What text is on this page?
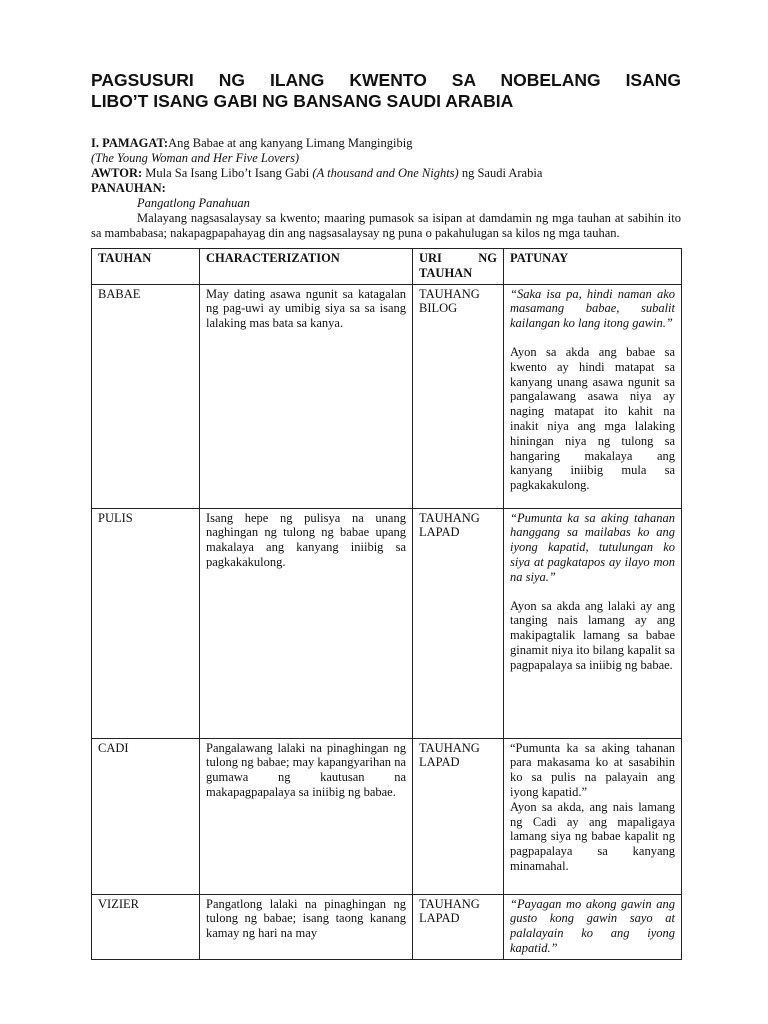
PAGSUSURI NG ILANG KWENTO SA NOBELANG ISANG
LIBO’T ISANG GABI NG BANSANG SAUDI ARABIA
I. PAMAGAT:Ang Babae at ang kanyang Limang Mangingibig
(The Young Woman and Her Five Lovers)
AWTOR: Mula Sa Isang Libo’t Isang Gabi (A thousand and One Nights) ng Saudi Arabia
PANAUHAN:
Pangatlong Panahuan
Malayang nagsasalaysay sa kwento; maaring pumasok sa isipan at damdamin ng mga tauhan at sabihin ito sa mambabasa; nakapagpapahayag din ang nagsasalaysay ng puna o pakahulugan sa kilos ng mga tauhan.
TAUHAN	CHARACTERIZATION	URI NG TAUHAN	PATUNAY
BABAE	May dating asawa ngunit sa katagalan ng pag-uwi ay umibig siya sa sa isang lalaking mas bata sa kanya.	TAUHANG BILOG	“Saka isa pa, hindi naman ako masamang babae, subalit kailangan ko lang itong gawin.”
Ayon sa akda ang babae sa kwento ay hindi matapat sa kanyang unang asawa ngunit sa pangalawang asawa niya ay naging matapat ito kahit na inakit niya ang mga lalaking hiningan niya ng tulong sa hangaring makalaya ang kanyang iniibig mula sa pagkakakulong.

PULIS	Isang hepe ng pulisya na unang naghingan ng tulong ng babae upang makalaya ang kanyang iniibig sa pagkakakulong.	TAUHANG LAPAD	“Pumunta ka sa aking tahanan hanggang sa mailabas ko ang iyong kapatid, tutulungan ko siya at pagkatapos ay ilayo mon na siya.”
Ayon sa akda ang lalaki ay ang tanging nais lamang ay ang makipagtalik lamang sa babae ginamit niya ito bilang kapalit sa pagpapalaya sa iniibig ng babae.

CADI	Pangalawang lalaki na pinaghingan ng tulong ng babae; may kapangyarihan na gumawa ng kautusan na makapagpapalaya sa iniibig ng babae.	TAUHANG LAPAD	“Pumunta ka sa aking tahanan para makasama ko at sasabihin ko sa pulis na palayain ang iyong kapatid.”
Ayon sa akda, ang nais lamang ng Cadi ay ang mapaligaya lamang siya ng babae kapalit ng pagpapalaya sa kanyang minamahal.

VIZIER	Pangatlong lalaki na pinaghingan ng tulong ng babae; isang taong kanang kamay ng hari na may	TAUHANG LAPAD	“Payagan mo akong gawin ang gusto kong gawin sayo at palalayain ko ang iyong kapatid.”
